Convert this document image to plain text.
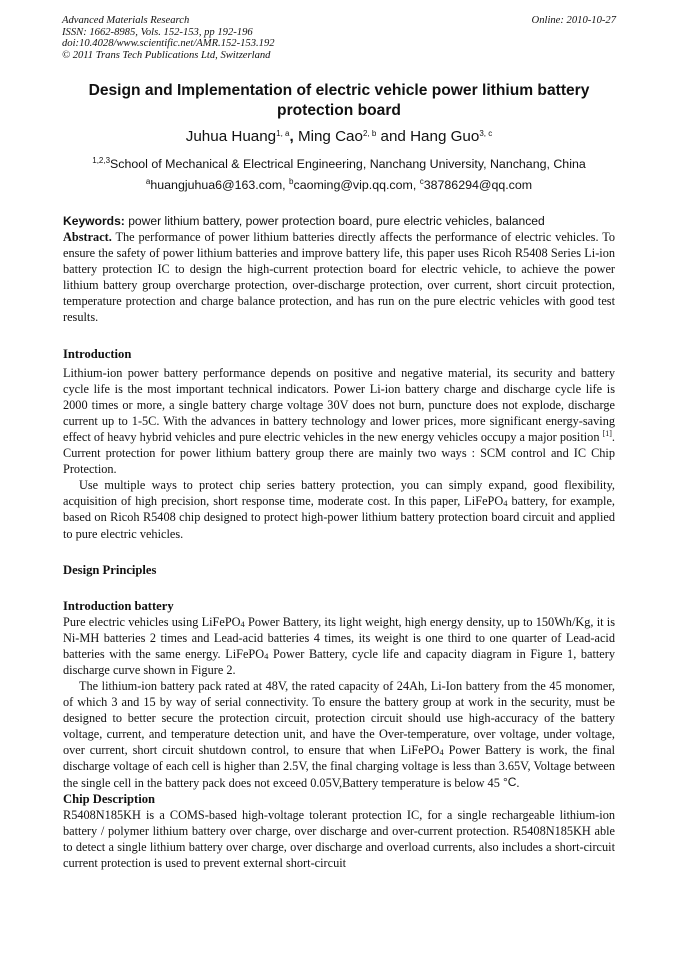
Advanced Materials Research
ISSN: 1662-8985, Vols. 152-153, pp 192-196
doi:10.4028/www.scientific.net/AMR.152-153.192
© 2011 Trans Tech Publications Ltd, Switzerland
Online: 2010-10-27
Design and Implementation of electric vehicle power lithium battery protection board
Juhua Huang$^{1, a}$, Ming Cao$^{2, b}$ and Hang Guo$^{3, c}$
$^{1,2,3}$School of Mechanical & Electrical Engineering, Nanchang University, Nanchang, China
$^a$huangjuhua6@163.com, $^b$caoming@vip.qq.com, $^c$38786294@qq.com

Keywords: power lithium battery, power protection board, pure electric vehicles, balanced

Abstract. The performance of power lithium batteries directly affects the performance of electric vehicles. To ensure the safety of power lithium batteries and improve battery life, this paper uses Ricoh R5408 Series Li-ion battery protection IC to design the high-current protection board for electric vehicle, to achieve the power lithium battery group overcharge protection, over-discharge protection, over current, short circuit protection, temperature protection and charge balance protection, and has run on the pure electric vehicles with good test results.

Introduction

Lithium-ion power battery performance depends on positive and negative material, its security and battery cycle life is the most important technical indicators. Power Li-ion battery charge and discharge cycle life is 2000 times or more, a single battery charge voltage 30V does not burn, puncture does not explode, discharge current up to 1-5C. With the advances in battery technology and lower prices, more significant energy-saving effect of heavy hybrid vehicles and pure electric vehicles in the new energy vehicles occupy a major position [1]. Current protection for power lithium battery group there are mainly two ways : SCM control and IC Chip Protection.

Use multiple ways to protect chip series battery protection, you can simply expand, good flexibility, acquisition of high precision, short response time, moderate cost. In this paper, LiFePO$_4$ battery, for example, based on Ricoh R5408 chip designed to protect high-power lithium battery protection board circuit and applied to pure electric vehicles.

Design Principles

Introduction battery

Pure electric vehicles using LiFePO$_4$ Power Battery, its light weight, high energy density, up to 150Wh/Kg, it is Ni-MH batteries 2 times and Lead-acid batteries 4 times, its weight is one third to one quarter of Lead-acid batteries with the same energy. LiFePO$_4$ Power Battery, cycle life and capacity diagram in Figure 1, battery discharge curve shown in Figure 2.

The lithium-ion battery pack rated at 48V, the rated capacity of 24Ah, Li-Ion battery from the 45 monomer, of which 3 and 15 by way of serial connectivity. To ensure the battery group at work in the security, must be designed to better secure the protection circuit, protection circuit should use high-accuracy of the battery voltage, current, and temperature detection unit, and have the Over-temperature, over voltage, under voltage, over current, short circuit shutdown control, to ensure that when LiFePO$_4$ Power Battery is work, the final discharge voltage of each cell is higher than 2.5V, the final charging voltage is less than 3.65V, Voltage between the single cell in the battery pack does not exceed 0.05V,Battery temperature is below 45 $^{^\circ C}$.

Chip Description

R5408N185KH is a COMS-based high-voltage tolerant protection IC, for a single rechargeable lithium-ion battery / polymer lithium battery over charge, over discharge and over-current protection. R5408N185KH able to detect a single lithium battery over charge, over discharge and overload currents, also includes a short-circuit current protection is used to prevent external short-circuit
